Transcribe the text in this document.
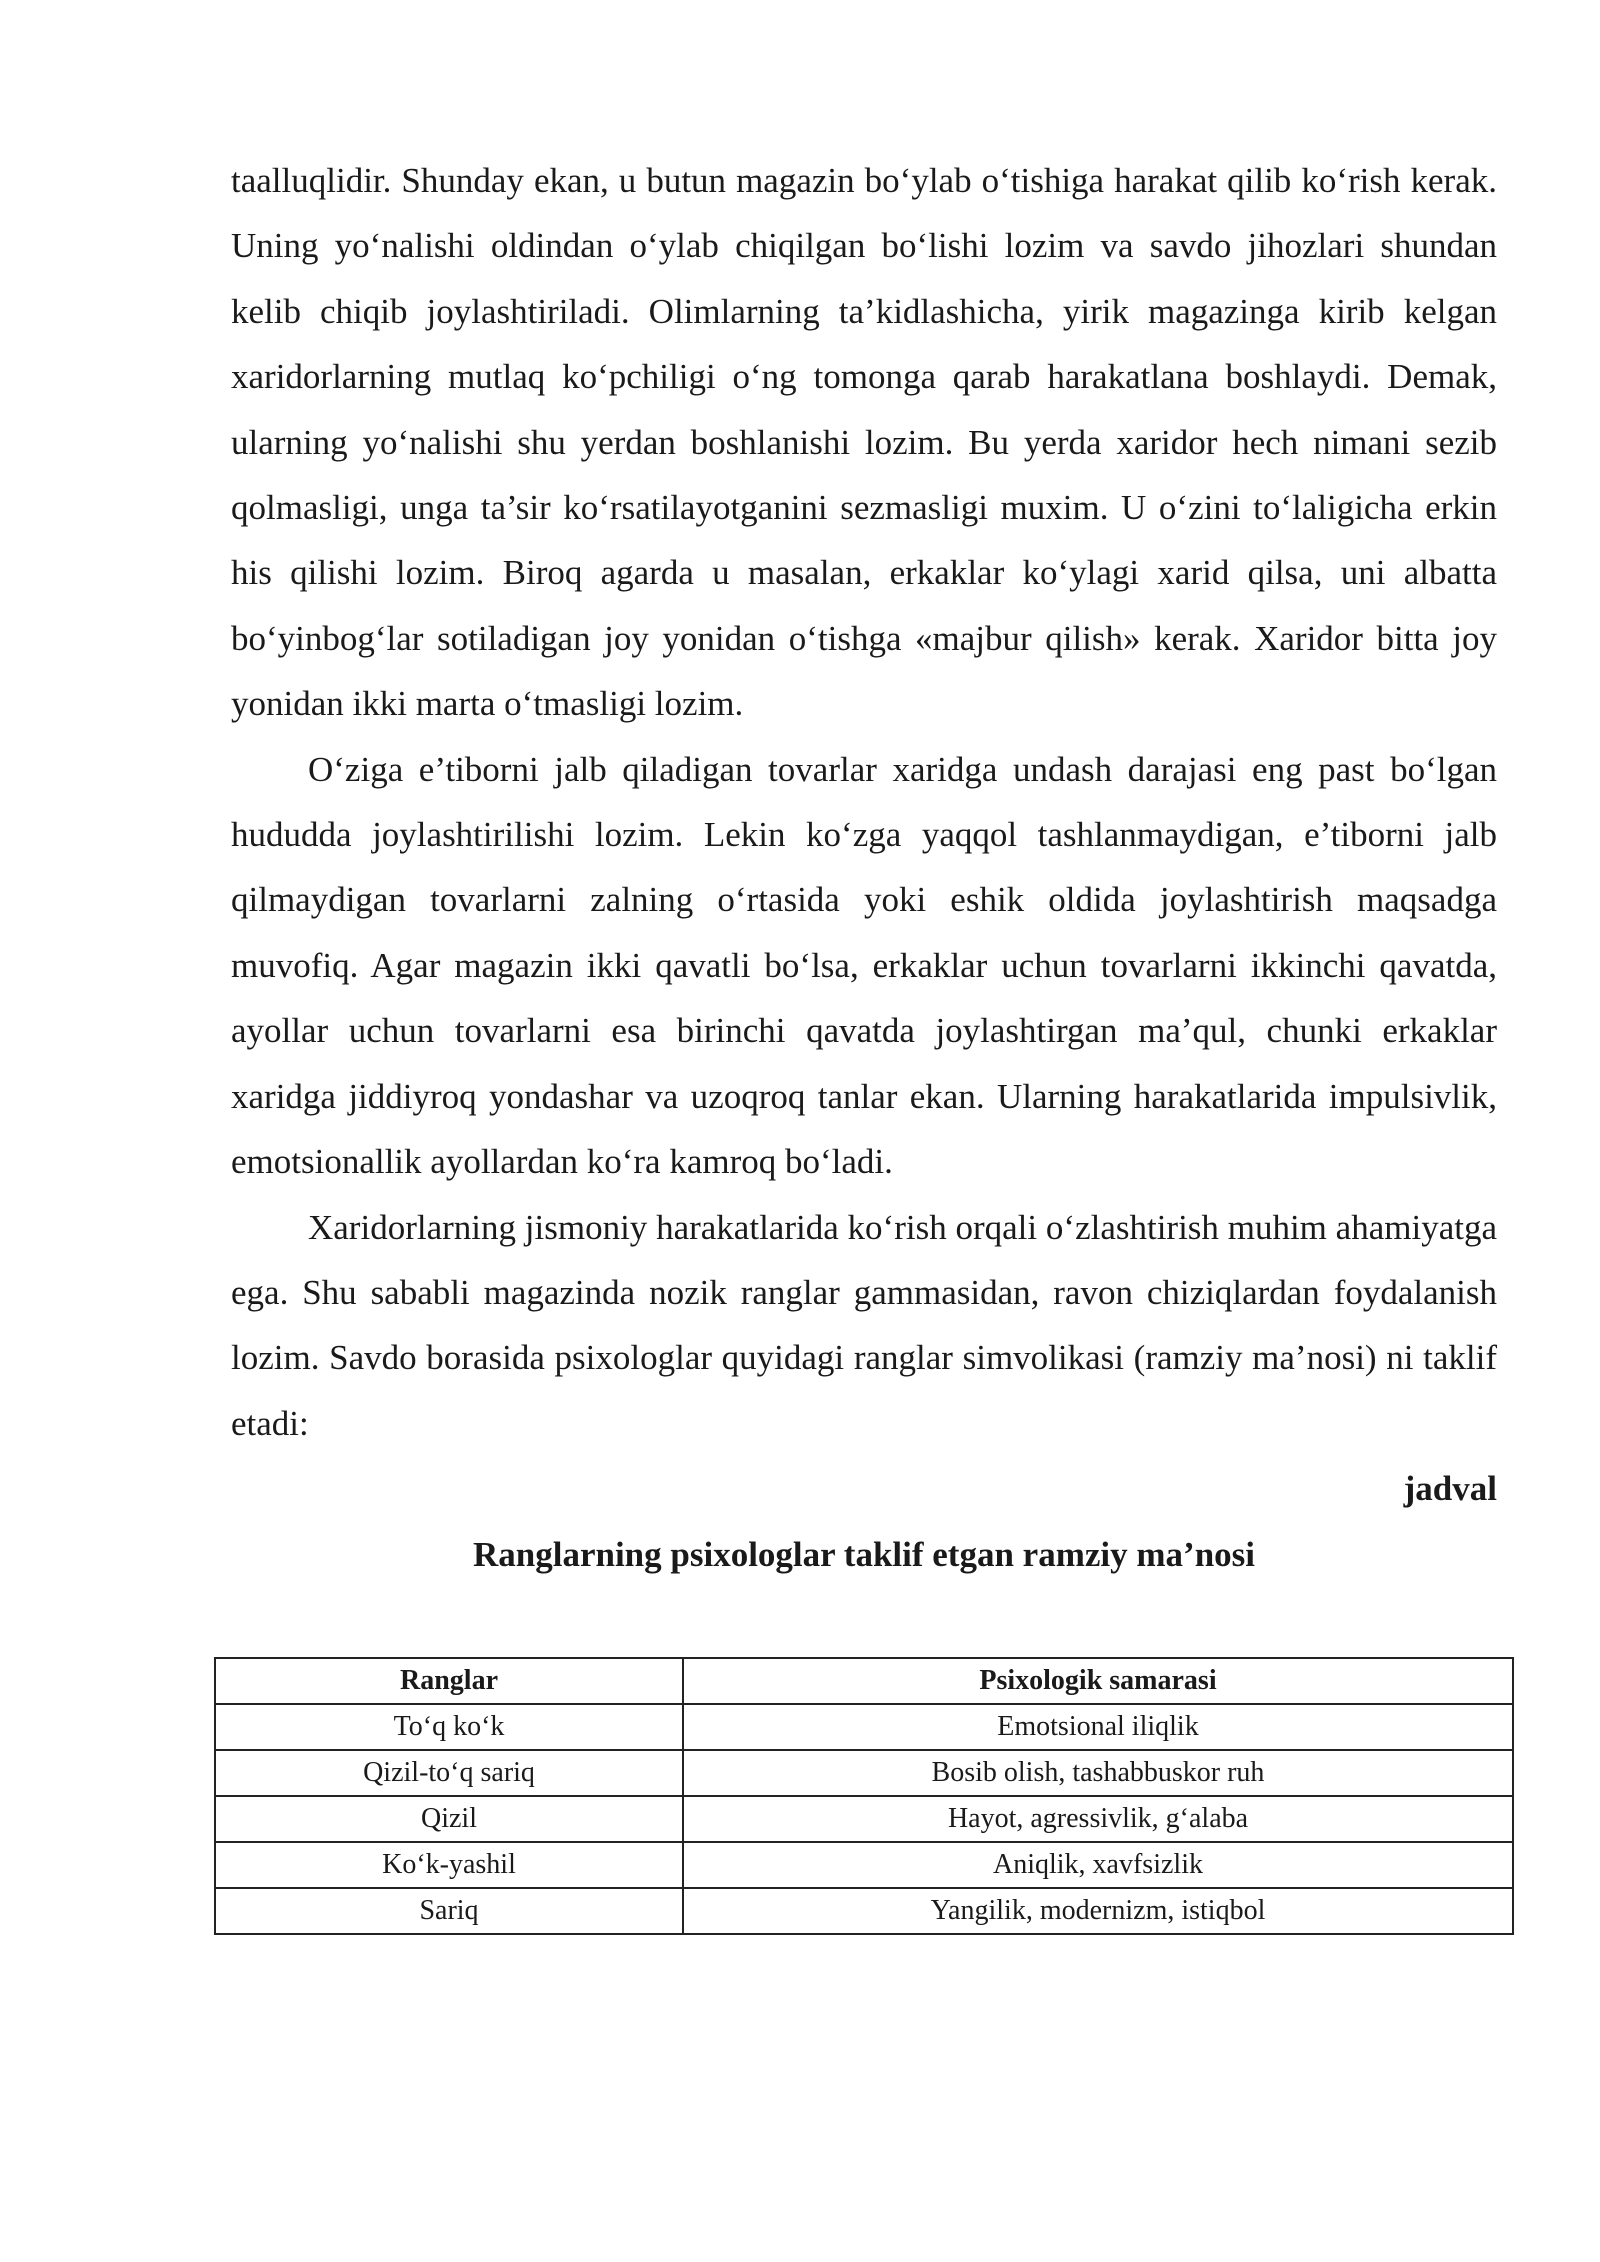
taalluqlidir. Shunday ekan, u butun magazin bo‘ylab o‘tishiga harakat qilib ko‘rish kerak. Uning yo‘nalishi oldindan o‘ylab chiqilgan bo‘lishi lozim va savdo jihozlari shundan kelib chiqib joylashtiriladi. Olimlarning ta’kidlashicha, yirik magazinga kirib kelgan xaridorlarning mutlaq ko‘pchiligi o‘ng tomonga qarab harakatlana boshlaydi. Demak, ularning yo‘nalishi shu yerdan boshlanishi lozim. Bu yerda xaridor hech nimani sezib qolmasligi, unga ta’sir ko‘rsatilayotganini sezmasligi muxim. U o‘zini to‘laligicha erkin his qilishi lozim. Biroq agarda u masalan, erkaklar ko‘ylagi xarid qilsa, uni albatta bo‘yinbog‘lar sotiladigan joy yonidan o‘tishga «majbur qilish» kerak. Xaridor bitta joy yonidan ikki marta o‘tmasligi lozim.

O‘ziga e’tiborni jalb qiladigan tovarlar xaridga undash darajasi eng past bo‘lgan hududda joylashtirilishi lozim. Lekin ko‘zga yaqqol tashlanmaydigan, e’tiborni jalb qilmaydigan tovarlarni zalning o‘rtasida yoki eshik oldida joylashtirish maqsadga muvofiq. Agar magazin ikki qavatli bo‘lsa, erkaklar uchun tovarlarni ikkinchi qavatda, ayollar uchun tovarlarni esa birinchi qavatda joylashtirgan ma’qul, chunki erkaklar xaridga jiddiyroq yondashar va uzoqroq tanlar ekan. Ularning harakatlarida impulsivlik, emotsionallik ayollardan ko‘ra kamroq bo‘ladi.

Xaridorlarning jismoniy harakatlarida ko‘rish orqali o‘zlashtirish muhim ahamiyatga ega. Shu sababli magazinda nozik ranglar gammasidan, ravon chiziqlardan foydalanish lozim. Savdo borasida psixologlar quyidagi ranglar simvolikasi (ramziy ma’nosi) ni taklif etadi:

jadval

Ranglarning psixologlar taklif etgan ramziy ma’nosi

Ranglar	Psixologik samarasi
To‘q ko‘k	Emotsional iliqlik
Qizil-to‘q sariq	Bosib olish, tashabbuskor ruh
Qizil	Hayot, agressivlik, g‘alaba
Ko‘k-yashil	Aniqlik, xavfsizlik
Sariq	Yangilik, modernizm, istiqbol
